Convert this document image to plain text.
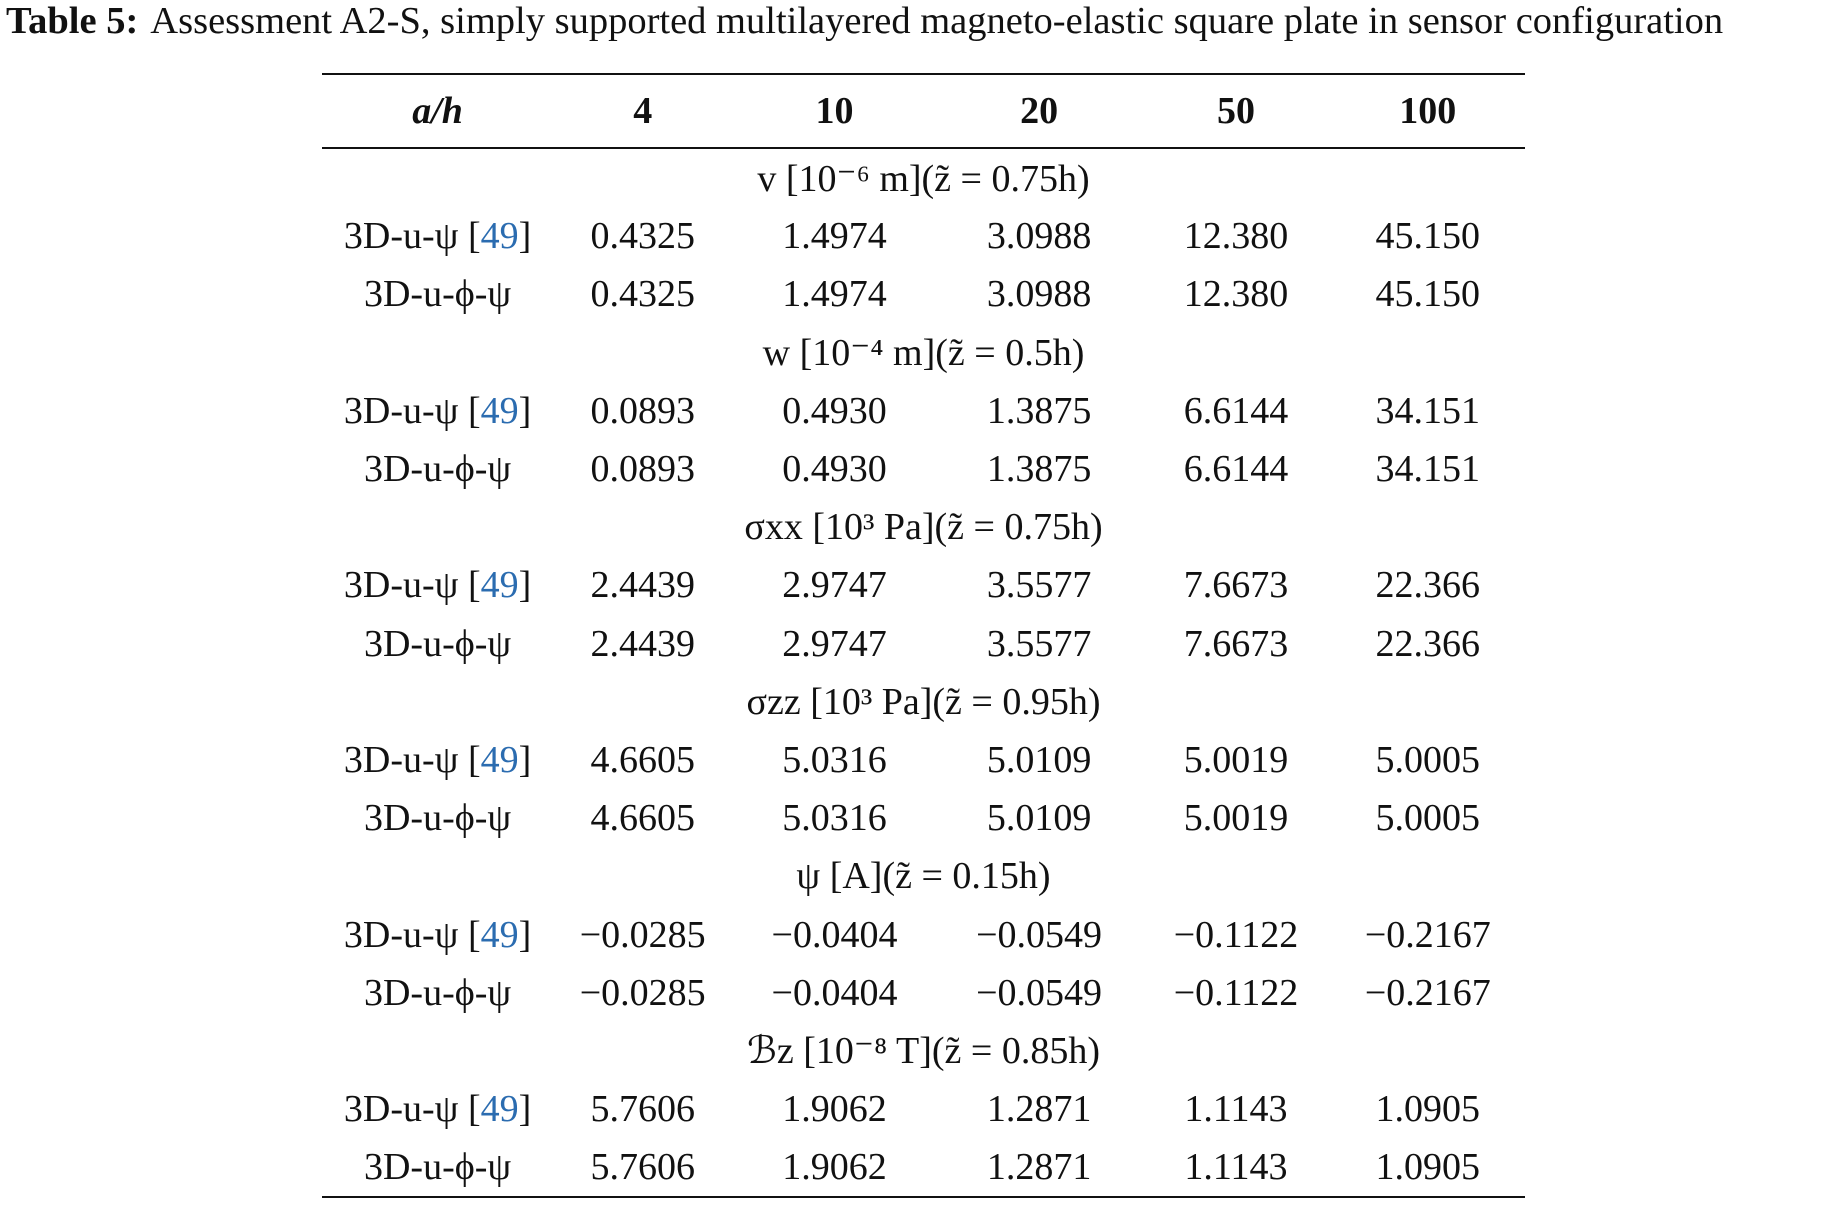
Table 5: Assessment A2-S, simply supported multilayered magneto-elastic square plate in sensor configuration
a/h	4	10	20	50	100
v [10⁻⁶ m](z̃ = 0.75h)					
3D-u-ψ [49]	0.4325	1.4974	3.0988	12.380	45.150
3D-u-ϕ-ψ	0.4325	1.4974	3.0988	12.380	45.150
w [10⁻⁴ m](z̃ = 0.5h)					
3D-u-ψ [49]	0.0893	0.4930	1.3875	6.6144	34.151
3D-u-ϕ-ψ	0.0893	0.4930	1.3875	6.6144	34.151
σxx [10³ Pa](z̃ = 0.75h)					
3D-u-ψ [49]	2.4439	2.9747	3.5577	7.6673	22.366
3D-u-ϕ-ψ	2.4439	2.9747	3.5577	7.6673	22.366
σzz [10³ Pa](z̃ = 0.95h)					
3D-u-ψ [49]	4.6605	5.0316	5.0109	5.0019	5.0005
3D-u-ϕ-ψ	4.6605	5.0316	5.0109	5.0019	5.0005
ψ [A](z̃ = 0.15h)					
3D-u-ψ [49]	−0.0285	−0.0404	−0.0549	−0.1122	−0.2167
3D-u-ϕ-ψ	−0.0285	−0.0404	−0.0549	−0.1122	−0.2167
ℬz [10⁻⁸ T](z̃ = 0.85h)					
3D-u-ψ [49]	5.7606	1.9062	1.2871	1.1143	1.0905
3D-u-ϕ-ψ	5.7606	1.9062	1.2871	1.1143	1.0905
